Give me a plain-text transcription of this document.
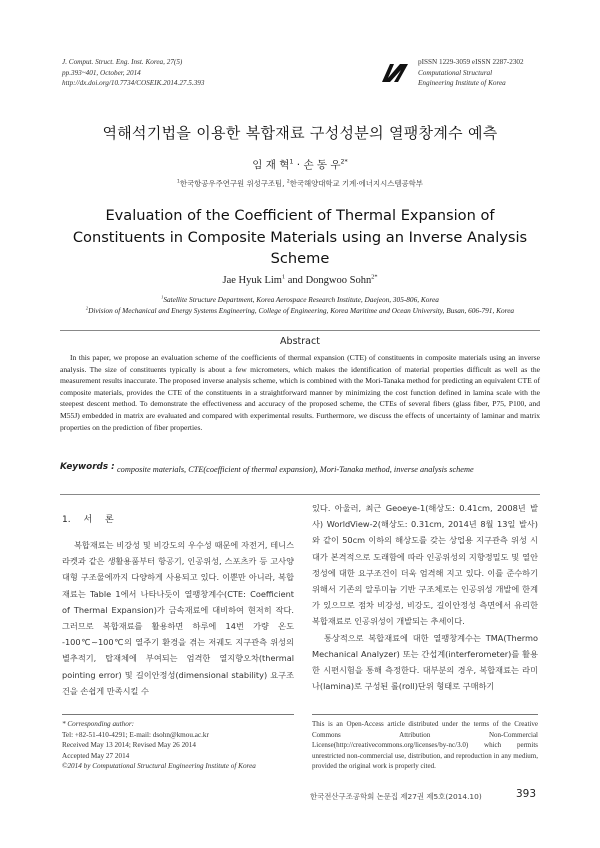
J. Comput. Struct. Eng. Inst. Korea, 27(5)
pp.393~401, October, 2014
http://dx.doi.org/10.7734/COSEIK.2014.27.5.393
pISSN 1229-3059 eISSN 2287-2302
Computational Structural
Engineering Institute of Korea
역해석기법을 이용한 복합재료 구성성분의 열팽창계수 예측
임 재 혁$^1$ · 손 동 우$^{2*}$
$^1$한국항공우주연구원 위성구조팀, $^2$한국해양대학교 기계·에너지시스템공학부
Evaluation of the Coefficient of Thermal Expansion of Constituents in Composite Materials using an Inverse Analysis Scheme
Jae Hyuk Lim$^1$ and Dongwoo Sohn$^{2*}$
$^1$Satellite Structure Department, Korea Aerospace Research Institute, Daejeon, 305-806, Korea
$^2$Division of Mechanical and Energy Systems Engineering, College of Engineering, Korea Maritime and Ocean University, Busan, 606-791, Korea
Abstract
In this paper, we propose an evaluation scheme of the coefficients of thermal expansion (CTE) of constituents in composite materials using an inverse analysis. The size of constituents typically is about a few micrometers, which makes the identification of material properties difficult as well as the measurement results inaccurate. The proposed inverse analysis scheme, which is combined with the Mori-Tanaka method for predicting an equivalent CTE of composite materials, provides the CTE of the constituents in a straightforward manner by minimizing the cost function defined in lamina scale with the steepest descent method. To demonstrate the effectiveness and accuracy of the proposed scheme, the CTEs of several fibers (glass fiber, P75, P100, and M55J) embedded in matrix are evaluated and compared with experimental results. Furthermore, we discuss the effects of uncertainty of laminar and matrix properties on the prediction of fiber properties.
Keywords : composite materials, CTE(coefficient of thermal expansion), Mori-Tanaka method, inverse analysis scheme
1. 서 론
복합재료는 비강성 및 비강도의 우수성 때문에 자전거, 테니스 라켓과 같은 생활용품부터 항공기, 인공위성, 스포츠카 등 고사양 대형 구조물에까지 다양하게 사용되고 있다. 이뿐만 아니라, 복합재료는 Table 1에서 나타나듯이 열팽창계수(CTE: Coefficient of Thermal Expansion)가 금속재료에 대비하여 현저히 작다. 그러므로 복합재료를 활용하면 하루에 14번 가량 온도 -100℃~100℃의 열주기 환경을 겪는 저궤도 지구관측 위성의 별추적기, 탑재체에 부여되는 엄격한 열지향오차(thermal pointing error) 및 길이안정성(dimensional stability) 요구조건을 손쉽게 만족시킬 수
있다. 아울러, 최근 Geoeye-1(해상도: 0.41cm, 2008년 발사) WorldView-2(해상도: 0.31cm, 2014년 8월 13일 발사)와 같이 50cm 이하의 해상도를 갖는 상업용 지구관측 위성 시대가 본격적으로 도래함에 따라 인공위성의 지향정밀도 및 열안정성에 대한 요구조건이 더욱 엄격해 지고 있다. 이를 준수하기 위해서 기존의 알루미늄 기반 구조체로는 인공위성 개발에 한계가 있으므로 점차 비강성, 비강도, 길이안정성 측면에서 유리한 복합재료로 인공위성이 개발되는 추세이다.
통상적으로 복합재료에 대한 열팽창계수는 TMA(Thermo Mechanical Analyzer) 또는 간섭계(interferometer)를 활용한 시편시험을 통해 측정한다. 대부분의 경우, 복합재료는 라미나(lamina)로 구성된 롤(roll)단위 형태로 구매하기
* Corresponding author:
Tel: +82-51-410-4291; E-mail: dsohn@kmou.ac.kr
Received May 13 2014; Revised May 26 2014
Accepted May 27 2014
©2014 by Computational Structural Engineering Institute of Korea
This is an Open-Access article distributed under the terms of the Creative Commons Attribution Non-Commercial License(http://creativecommons.org/licenses/by-nc/3.0) which permits unrestricted non-commercial use, distribution, and reproduction in any medium, provided the original work is properly cited.
한국전산구조공학회 논문집 제27권 제5호(2014.10)	393
